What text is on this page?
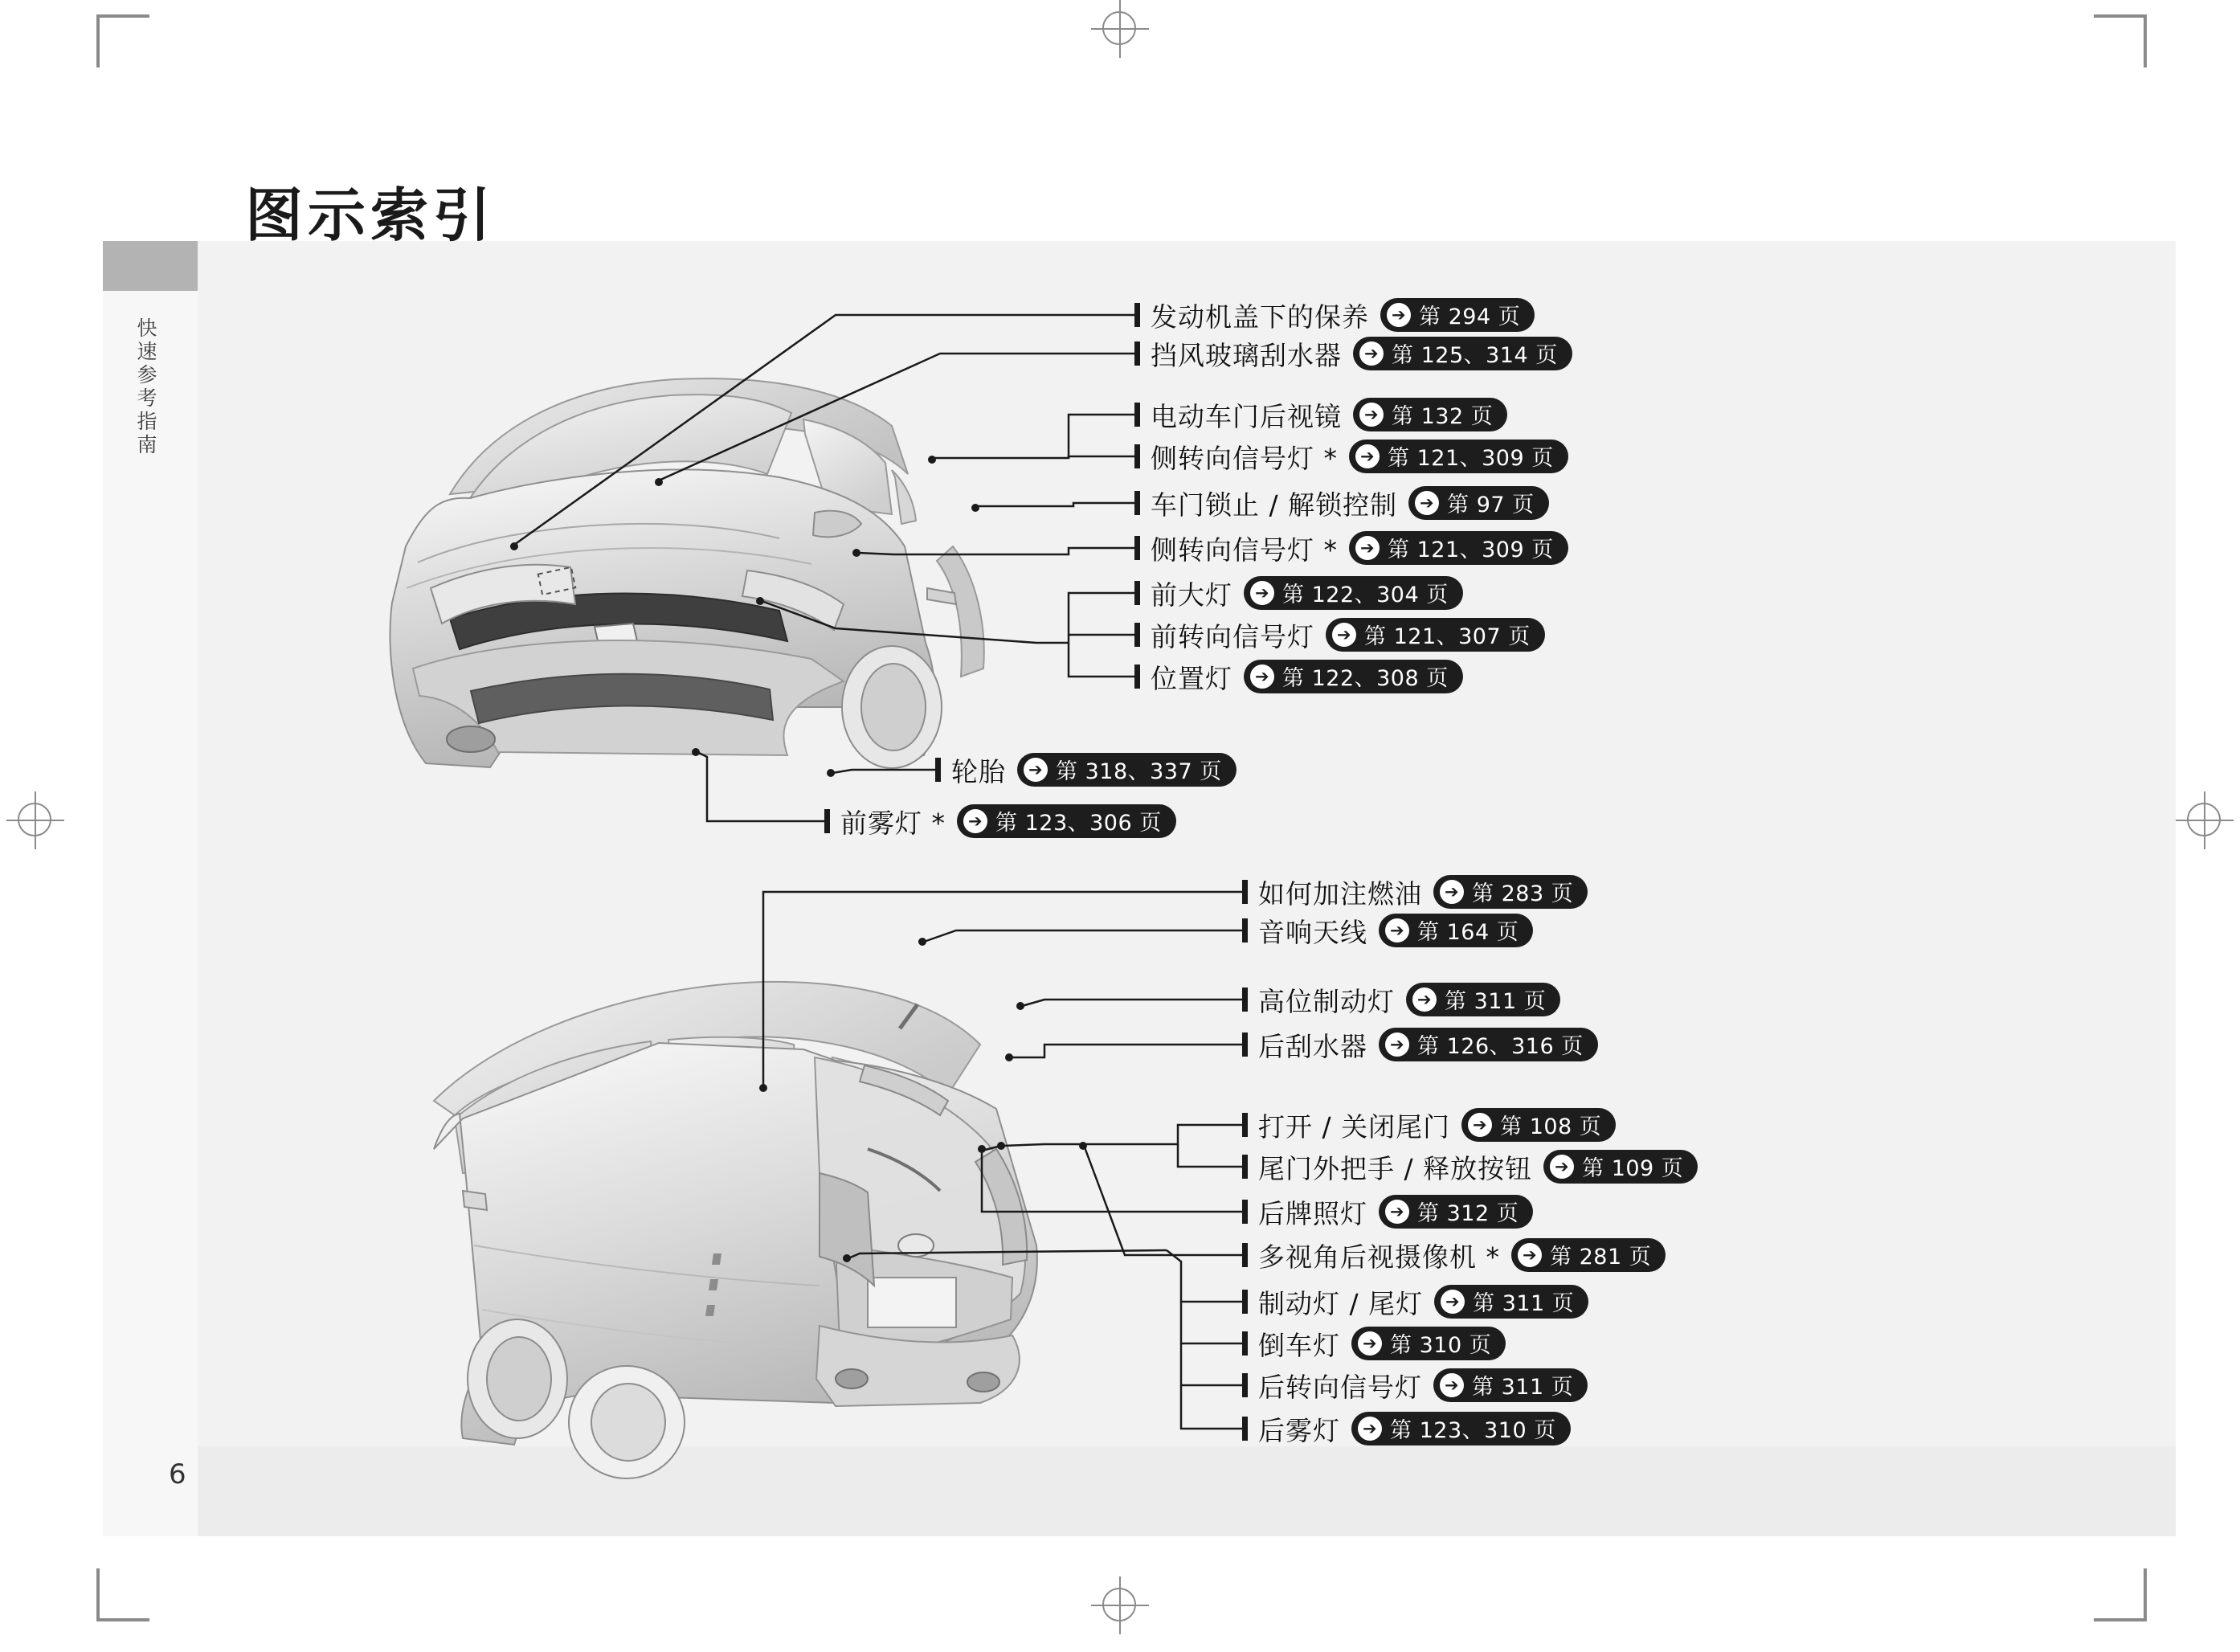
快速参考指南
图示索引
6
发动机盖下的保养 ➔ 第 294 页
挡风玻璃刮水器 ➔ 第 125、314 页
电动车门后视镜 ➔ 第 132 页
侧转向信号灯 * ➔ 第 121、309 页
车门锁止 / 解锁控制 ➔ 第 97 页
侧转向信号灯 * ➔ 第 121、309 页
前大灯 ➔ 第 122、304 页
前转向信号灯 ➔ 第 121、307 页
位置灯 ➔ 第 122、308 页
轮胎 ➔ 第 318、337 页
前雾灯 * ➔ 第 123、306 页
如何加注燃油 ➔ 第 283 页
音响天线 ➔ 第 164 页
高位制动灯 ➔ 第 311 页
后刮水器 ➔ 第 126、316 页
打开 / 关闭尾门 ➔ 第 108 页
尾门外把手 / 释放按钮 ➔ 第 109 页
后牌照灯 ➔ 第 312 页
多视角后视摄像机 * ➔ 第 281 页
制动灯 / 尾灯 ➔ 第 311 页
倒车灯 ➔ 第 310 页
后转向信号灯 ➔ 第 311 页
后雾灯 ➔ 第 123、310 页
